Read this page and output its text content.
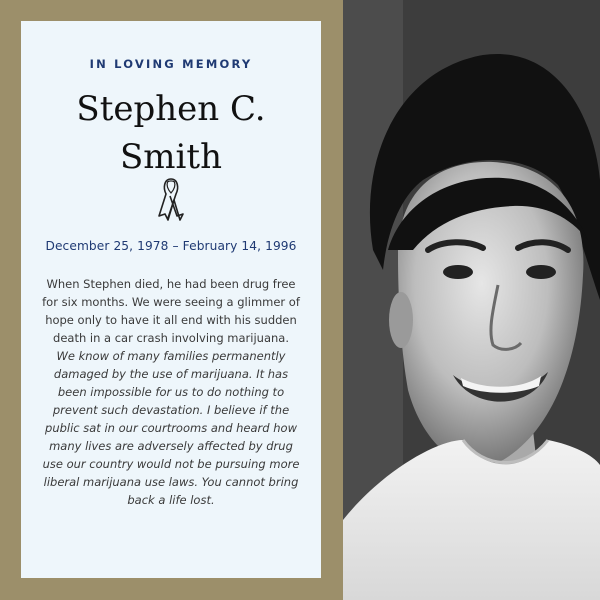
IN LOVING MEMORY
Stephen C.
Smith
December 25, 1978 – February 14, 1996

When Stephen died, he had been drug free for six months. We were seeing a glimmer of hope only to have it all end with his sudden death in a car crash involving marijuana.

We know of many families permanently damaged by the use of marijuana. It has been impossible for us to do nothing to prevent such devastation. I believe if the public sat in our courtrooms and heard how many lives are adversely affected by drug use our country would not be pursuing more liberal marijuana use laws. You cannot bring back a life lost.
